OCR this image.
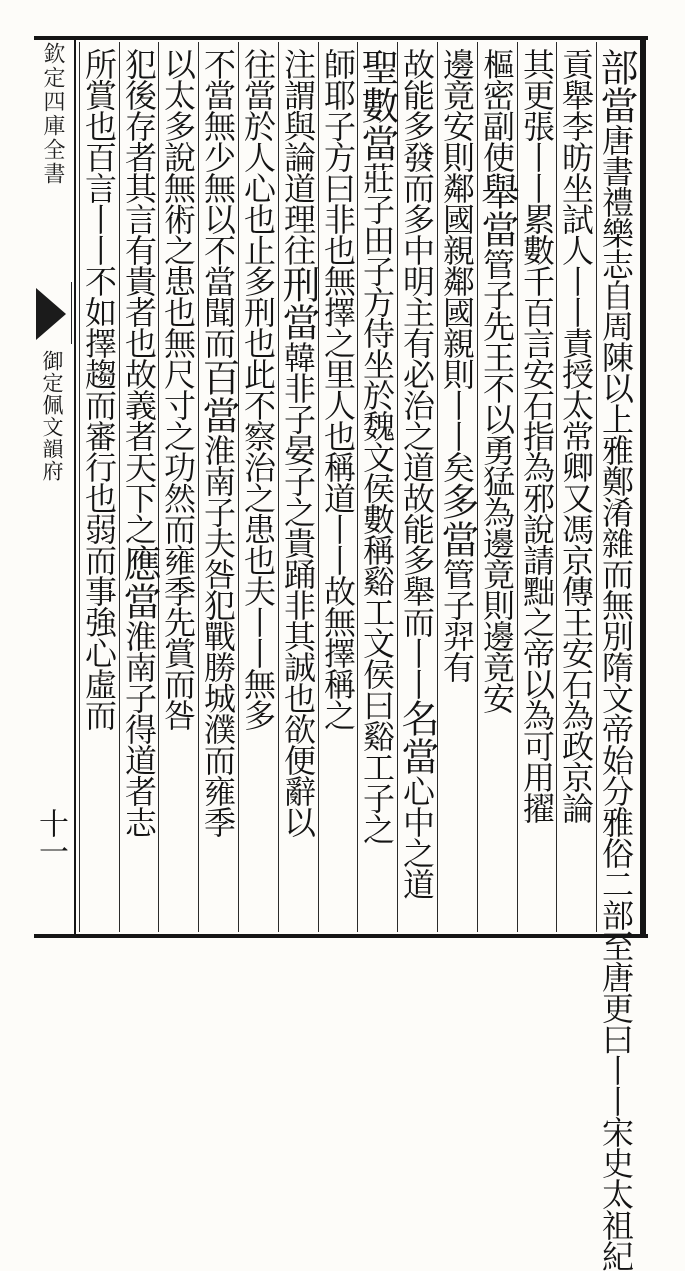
欽定四庫全書
御定佩文韻府
十一
部當唐書禮樂志自周陳以上雅鄭淆雜而無別隋文帝始分雅俗二部至唐更曰丨丨宋史太祖紀
貢舉李昉坐試人丨丨責授太常卿又馮京傳王安石為政京論
其更張丨丨累數千百言安石指為邪說請黜之帝以為可用擢
樞密副使舉當管子先王不以勇猛為邊竟則邊竟安
邊竟安則鄰國親鄰國親則丨丨矣多當管子羿有
故能多發而多中明主有必治之道故能多舉而丨丨名當心中之道
聖數當莊子田子方侍坐於魏文侯數稱谿工文侯曰谿工子之
師耶子方曰非也無擇之里人也稱道丨丨故無擇稱之
注謂與論道理往刑當韓非子晏子之貴踊非其誠也欲便辭以
往當於人心也止多刑也此不察治之患也夫丨丨無多
不當無少無以不當聞而百當淮南子夫咎犯戰勝城濮而雍季
以太多說無術之患也無尺寸之功然而雍季先賞而咎
犯後存者其言有貴者也故義者天下之應當淮南子得道者志
所賞也百言丨丨不如擇趨而審行也弱而事強心虛而
